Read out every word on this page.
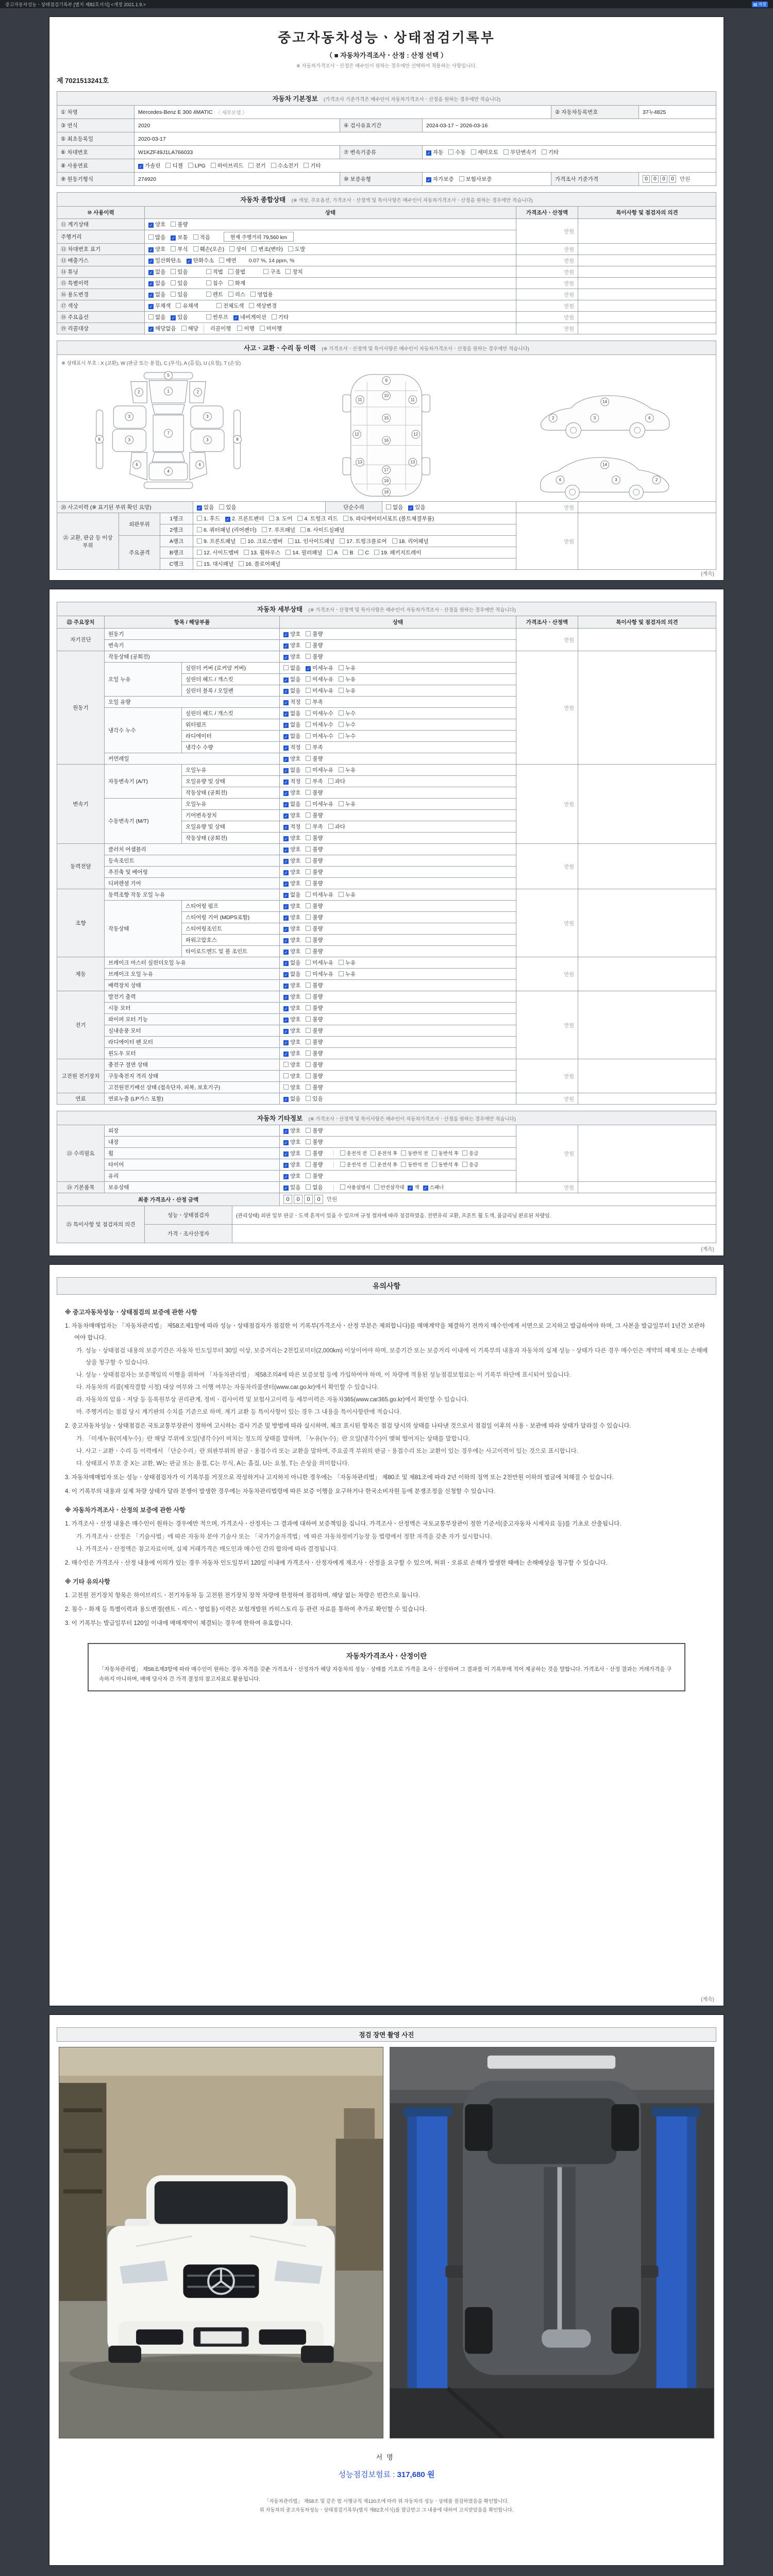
중고자동차성능ㆍ상태점검기록부 [별지 제82호서식] <개정 2021.1.9.>	▤ 저장
중고자동차성능ㆍ상태점검기록부
（ ■ 자동차가격조사ㆍ산정 : 산정 선택 ）
※ 자동차가격조사ㆍ산정은 매수인이 원하는 경우에만 선택하여 적용하는 사항입니다.
제 7021513241호
자동차 기본정보 (가격조사 기준가격은 매수인이 자동차가격조사ㆍ산정을 원하는 경우에만 적습니다)
① 차명	Mercedes-Benz E 300 4MATIC 〈 세부모델 〉	② 자동차등록번호	37누4825
③ 연식	2020	④ 검사유효기간	2024-03-17 ~ 2026-03-16
⑤ 최초등록일	2020-03-17
⑥ 차대번호	W1KZF49J1LA766033	⑦ 변속기종류	✓ 자동	수동	세미오토	무단변속기	기타
⑧ 사용연료	✓ 가솔린	디젤	LPG	하이브리드	전기	수소전기	기타
⑨ 원동기형식	274920	⑩ 보증유형	✓ 자가보증	보험사보증	가격조사 기준가격	0 0 0 0	만원
자동차 종합상태 (※ 색상, 주요옵션, 가격조사ㆍ산정액 및 특이사항은 매수인이 자동차가격조사ㆍ산정을 원하는 경우에만 적습니다)
⑩ 사용이력	상태	가격조사ㆍ산정액	특이사항 및 점검자의 의견
⑪ 계기상태	✓ 양호 불량	만원	
주행거리	많음 ✓ 보통 적음 현재 주행거리 79,560 km		
⑫ 차대번호 표기	✓ 양호 부식 훼손(오손) 상이 변조(변타) 도말	만원	
⑬ 배출가스	✓ 일산화탄소 ✓ 탄화수소 매연 0.07 %, 14 ppm, %	만원	
⑭ 튜닝	✓ 없음 있음 적법 불법 구조 장치	만원	
⑮ 특별이력	✓ 없음 있음 침수 화재	만원	
⑯ 용도변경	✓ 없음 있음 렌트 리스 영업용	만원	
⑰ 색상	✓ 무채색 유채색 전체도색 색상변경	만원	
⑱ 주요옵션	없음 ✓ 있음 썬루프 ✓ 네비게이션 기타	만원	
⑲ 리콜대상	✓ 해당없음 해당 리콜이행 이행 미이행	만원	
사고ㆍ교환ㆍ수리 등 이력 (※ 가격조사ㆍ산정액 및 특이사항은 매수인이 자동차가격조사ㆍ산정을 원하는 경우에만 적습니다)
※ 상태표시 부호 : X (교환), W (판금 또는 용접), C (부식), A (흠집), U (요철), T (손상)
5
1
2	2
3	3
3	3
7
6	6
8	8
4
9
10
11	11
12	12
13	13
15
16
17
18
19
2	3	6
14
2
3
6
14
⑳ 사고이력 (※ 표기된 부위 확인 요망)	✓ 없음 있음	단순수리	없음 ✓ 있음	만원	
㉑ 교환, 판금 등 이상 부위	외판부위	1랭크	1. 후드 ✓ 2. 프론트펜더 3. 도어 4. 트렁크 리드 5. 라디에이터서포트 (볼트체결부품)	만원	
		2랭크	6. 쿼터패널 (리어펜더) 7. 루프패널 8. 사이드실패널		
	주요골격	A랭크	9. 프론트패널 10. 크로스멤버 11. 인사이드패널 17. 트렁크플로어 18. 리어패널		
		B랭크	12. 사이드멤버 13. 휠하우스 14. 필러패널 A B C 19. 패키지트레이		
		C랭크	15. 대시패널 16. 플로어패널		
(계속)
자동차 세부상태 (※ 가격조사ㆍ산정액 및 특이사항은 매수인이 자동차가격조사ㆍ산정을 원하는 경우에만 적습니다)
㉒ 주요장치	항목 / 해당부품		상태	가격조사ㆍ산정액	특이사항 및 점검자의 의견
자기진단	원동기		✓ 양호 불량	만원	
	변속기		✓ 양호 불량		
원동기	작동상태 (공회전)		✓ 양호 불량	만원	
	오일 누유	실린더 커버 (로커암 커버)	없음 ✓ 미세누유 누유		
		실린더 헤드 / 개스킷	✓ 없음 미세누유 누유		
		실린더 블록 / 오일팬	✓ 없음 미세누유 누유		
	오일 유량		✓ 적정 부족		
	냉각수 누수	실린더 헤드 / 개스킷	✓ 없음 미세누수 누수		
		워터펌프	✓ 없음 미세누수 누수		
		라디에이터	✓ 없음 미세누수 누수		
		냉각수 수량	✓ 적정 부족		
	커먼레일		✓ 양호 불량		
변속기	자동변속기 (A/T)	오일누유	✓ 없음 미세누유 누유	만원	
		오일유량 및 상태	✓ 적정 부족 과다		
		작동상태 (공회전)	✓ 양호 불량		
	수동변속기 (M/T)	오일누유	✓ 없음 미세누유 누유		
		기어변속장치	✓ 양호 불량		
		오일유량 및 상태	✓ 적정 부족 과다		
		작동상태 (공회전)	✓ 양호 불량		
동력전달	클러치 어셈블리		✓ 양호 불량	만원	
	등속조인트		✓ 양호 불량		
	추진축 및 베어링		✓ 양호 불량		
	디퍼렌셜 기어		✓ 양호 불량		
조향	동력조향 작동 오일 누유		✓ 없음 미세누유 누유	만원	
	작동상태	스티어링 펌프	✓ 양호 불량		
		스티어링 기어 (MDPS포함)	✓ 양호 불량		
		스티어링조인트	✓ 양호 불량		
		파워고압호스	✓ 양호 불량		
		타이로드엔드 및 볼 조인트	✓ 양호 불량		
제동	브레이크 마스터 실린더오일 누유		✓ 없음 미세누유 누유	만원	
	브레이크 오일 누유		✓ 없음 미세누유 누유		
	배력장치 상태		✓ 양호 불량		
전기	발전기 출력		✓ 양호 불량	만원	
	시동 모터		✓ 양호 불량		
	와이퍼 모터 기능		✓ 양호 불량		
	실내송풍 모터		✓ 양호 불량		
	라디에이터 팬 모터		✓ 양호 불량		
	윈도우 모터		✓ 양호 불량		
고전원 전기장치	충전구 절연 상태		양호 불량	만원	
	구동축전지 격리 상태		양호 불량		
	고전원전기배선 상태 (접속단자, 피복, 보호기구)		양호 불량		
연료	연료누출 (LP가스 포함)		✓ 없음 있음	만원	
자동차 기타정보 (※ 가격조사ㆍ산정액 및 특이사항은 매수인이 자동차가격조사ㆍ산정을 원하는 경우에만 적습니다)
㉓ 수리필요	외장	✓ 양호 불량	만원	
	내장	✓ 양호 불량		
	휠	✓ 양호 불량 운전석 전 운전석 후 동반석 전 동반석 후 응급		
	타이어	✓ 양호 불량 운전석 전 운전석 후 동반석 전 동반석 후 응급		
	유리	✓ 양호 불량		
㉔ 기본품목	보유상태	✓ 있음 없음 사용설명서 안전삼각대 ✓ 잭 ✓ 스패너	만원	
최종 가격조사ㆍ산정 금액	0 0 0 0 만원
㉕ 특이사항 및 점검자의 의견	성능ㆍ상태점검자	(관리상태) 외판 일부 판금ㆍ도색 흔적이 있을 수 있으며 규정 절차에 따라 점검하였음. 전면유리 교환, 프론트 휠 도색, 룸클리닝 완료된 차량임.
	가격ㆍ조사산정자	
(계속)
유의사항
※ 중고자동차성능ㆍ상태점검의 보증에 관한 사항

1. 자동차매매업자는 「자동차관리법」 제58조제1항에 따라 성능ㆍ상태점검자가 점검한 이 기록부(가격조사ㆍ산정 부분은 제외합니다)를 매매계약을 체결하기 전까지 매수인에게 서면으로 고지하고 발급하여야 하며, 그 사본을 발급일부터 1년간 보관하여야 합니다.

가. 성능ㆍ상태점검 내용의 보증기간은 자동차 인도일부터 30일 이상, 보증거리는 2천킬로미터(2,000km) 이상이어야 하며, 보증기간 또는 보증거리 이내에 이 기록부의 내용과 자동차의 실제 성능ㆍ상태가 다른 경우 매수인은 계약의 해제 또는 손해배상을 청구할 수 있습니다.

나. 성능ㆍ상태점검자는 보증책임의 이행을 위하여 「자동차관리법」 제58조의4에 따른 보증보험 등에 가입하여야 하며, 이 차량에 적용된 성능점검보험료는 이 기록부 하단에 표시되어 있습니다.

다. 자동차의 리콜(제작결함 시정) 대상 여부와 그 이행 여부는 자동차리콜센터(www.car.go.kr)에서 확인할 수 있습니다.

라. 자동차의 압류ㆍ저당 등 등록원부상 권리관계, 정비ㆍ검사이력 및 보험사고이력 등 세부이력은 자동차365(www.car365.go.kr)에서 확인할 수 있습니다.

마. 주행거리는 점검 당시 계기판의 수치를 기준으로 하며, 계기 교환 등 특이사항이 있는 경우 그 내용을 특이사항란에 적습니다.

2. 중고자동차성능ㆍ상태점검은 국토교통부장관이 정하여 고시하는 검사 기준 및 방법에 따라 실시하며, 체크 표시된 항목은 점검 당시의 상태를 나타낸 것으로서 점검일 이후의 사용ㆍ보관에 따라 상태가 달라질 수 있습니다.

가. 「미세누유(미세누수)」란 해당 부위에 오일(냉각수)이 비치는 정도의 상태를 말하며, 「누유(누수)」란 오일(냉각수)이 맺혀 떨어지는 상태를 말합니다.

나. 사고ㆍ교환ㆍ수리 등 이력에서 「단순수리」란 외판부위의 판금ㆍ용접수리 또는 교환을 말하며, 주요골격 부위의 판금ㆍ용접수리 또는 교환이 있는 경우에는 사고이력이 있는 것으로 표시합니다.

다. 상태표시 부호 중 X는 교환, W는 판금 또는 용접, C는 부식, A는 흠집, U는 요철, T는 손상을 의미합니다.

3. 자동차매매업자 또는 성능ㆍ상태점검자가 이 기록부를 거짓으로 작성하거나 고지하지 아니한 경우에는 「자동차관리법」 제80조 및 제81조에 따라 2년 이하의 징역 또는 2천만원 이하의 벌금에 처해질 수 있습니다.

4. 이 기록부의 내용과 실제 차량 상태가 달라 분쟁이 발생한 경우에는 자동차관리법령에 따른 보증 이행을 요구하거나 한국소비자원 등에 분쟁조정을 신청할 수 있습니다.

※ 자동차가격조사ㆍ산정의 보증에 관한 사항

1. 가격조사ㆍ산정 내용은 매수인이 원하는 경우에만 적으며, 가격조사ㆍ산정자는 그 결과에 대하여 보증책임을 집니다. 가격조사ㆍ산정액은 국토교통부장관이 정한 기준서(중고자동차 시세자료 등)를 기초로 산출됩니다.

가. 가격조사ㆍ산정은 「기술사법」에 따른 자동차 분야 기술사 또는 「국가기술자격법」에 따른 자동차정비기능장 등 법령에서 정한 자격을 갖춘 자가 실시합니다.

나. 가격조사ㆍ산정액은 참고자료이며, 실제 거래가격은 매도인과 매수인 간의 합의에 따라 결정됩니다.

2. 매수인은 가격조사ㆍ산정 내용에 이의가 있는 경우 자동차 인도일부터 120일 이내에 가격조사ㆍ산정자에게 재조사ㆍ산정을 요구할 수 있으며, 허위ㆍ오류로 손해가 발생한 때에는 손해배상을 청구할 수 있습니다.

※ 기타 유의사항

1. 고전원 전기장치 항목은 하이브리드ㆍ전기자동차 등 고전원 전기장치 장착 차량에 한정하여 점검하며, 해당 없는 차량은 빈칸으로 둡니다.

2. 침수ㆍ화재 등 특별이력과 용도변경(렌트ㆍ리스ㆍ영업용) 이력은 보험개발원 카히스토리 등 관련 자료를 통하여 추가로 확인할 수 있습니다.

3. 이 기록부는 발급일부터 120일 이내에 매매계약이 체결되는 경우에 한하여 유효합니다.

자동차가격조사ㆍ산정이란
「자동차관리법」 제58조제3항에 따라 매수인이 원하는 경우 자격을 갖춘 가격조사ㆍ산정자가 해당 자동차의 성능ㆍ상태를 기초로 가격을 조사ㆍ산정하여 그 결과를 이 기록부에 적어 제공하는 것을 말합니다. 가격조사ㆍ산정 결과는 거래가격을 구속하지 아니하며, 매매 당사자 간 가격 결정의 참고자료로 활용됩니다.
(계속)
점검 장면 촬영 사진
서명
성능점검보험료 : 317,680 원
「자동차관리법」 제58조 및 같은 법 시행규칙 제120조에 따라 위 자동차의 성능ㆍ상태를 점검하였음을 확인합니다.
위 자동차의 중고자동차성능ㆍ상태점검기록부(별지 제82호서식)를 발급받고 그 내용에 대하여 고지받았음을 확인합니다.
